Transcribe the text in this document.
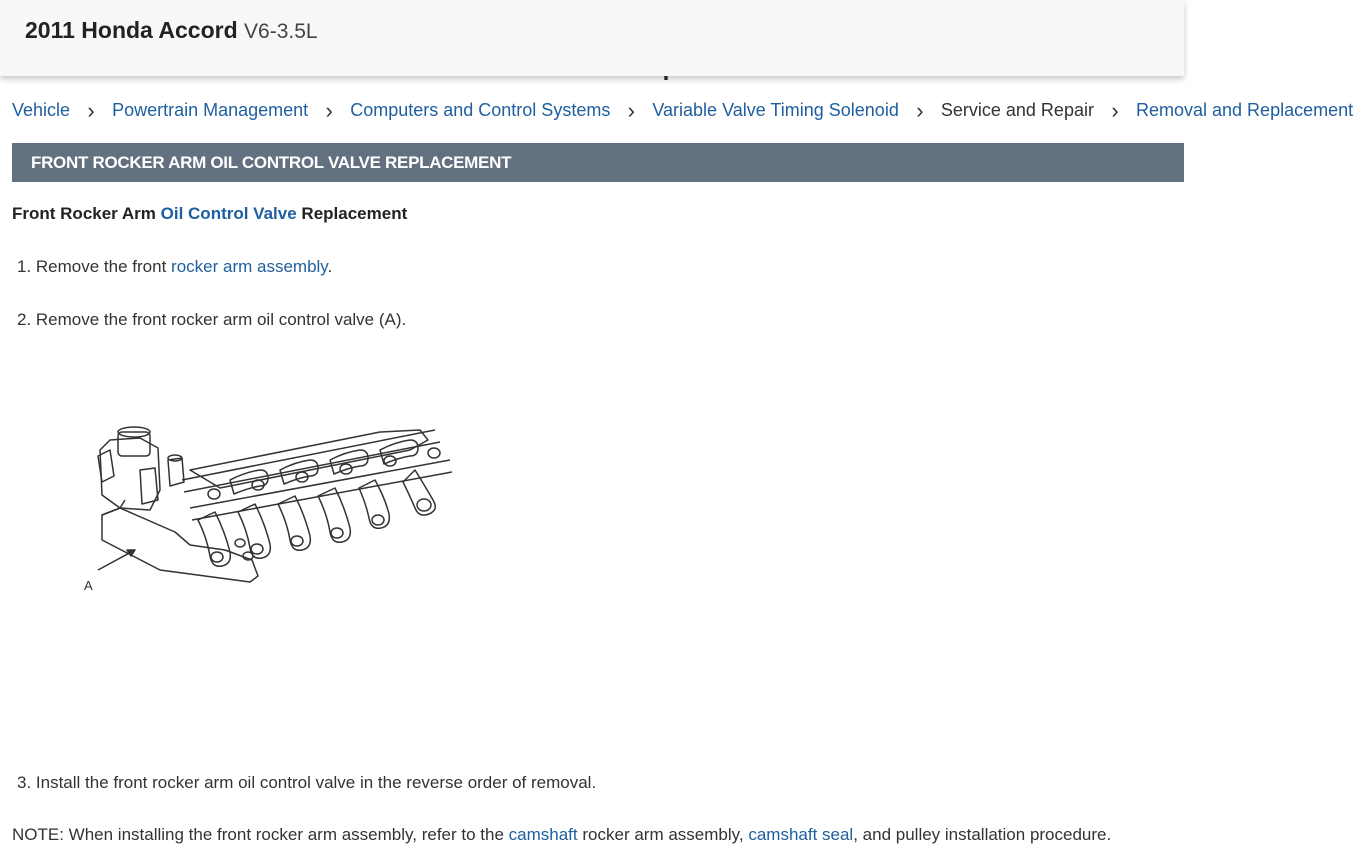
2011 Honda Accord V6-3.5L
Vehicle › Powertrain Management › Computers and Control Systems › Variable Valve Timing Solenoid › Service and Repair › Removal and Replacement
FRONT ROCKER ARM OIL CONTROL VALVE REPLACEMENT
Front Rocker Arm Oil Control Valve Replacement
1. Remove the front rocker arm assembly.
2. Remove the front rocker arm oil control valve (A).
A
3. Install the front rocker arm oil control valve in the reverse order of removal.
NOTE: When installing the front rocker arm assembly, refer to the camshaft rocker arm assembly, camshaft seal, and pulley installation procedure.
